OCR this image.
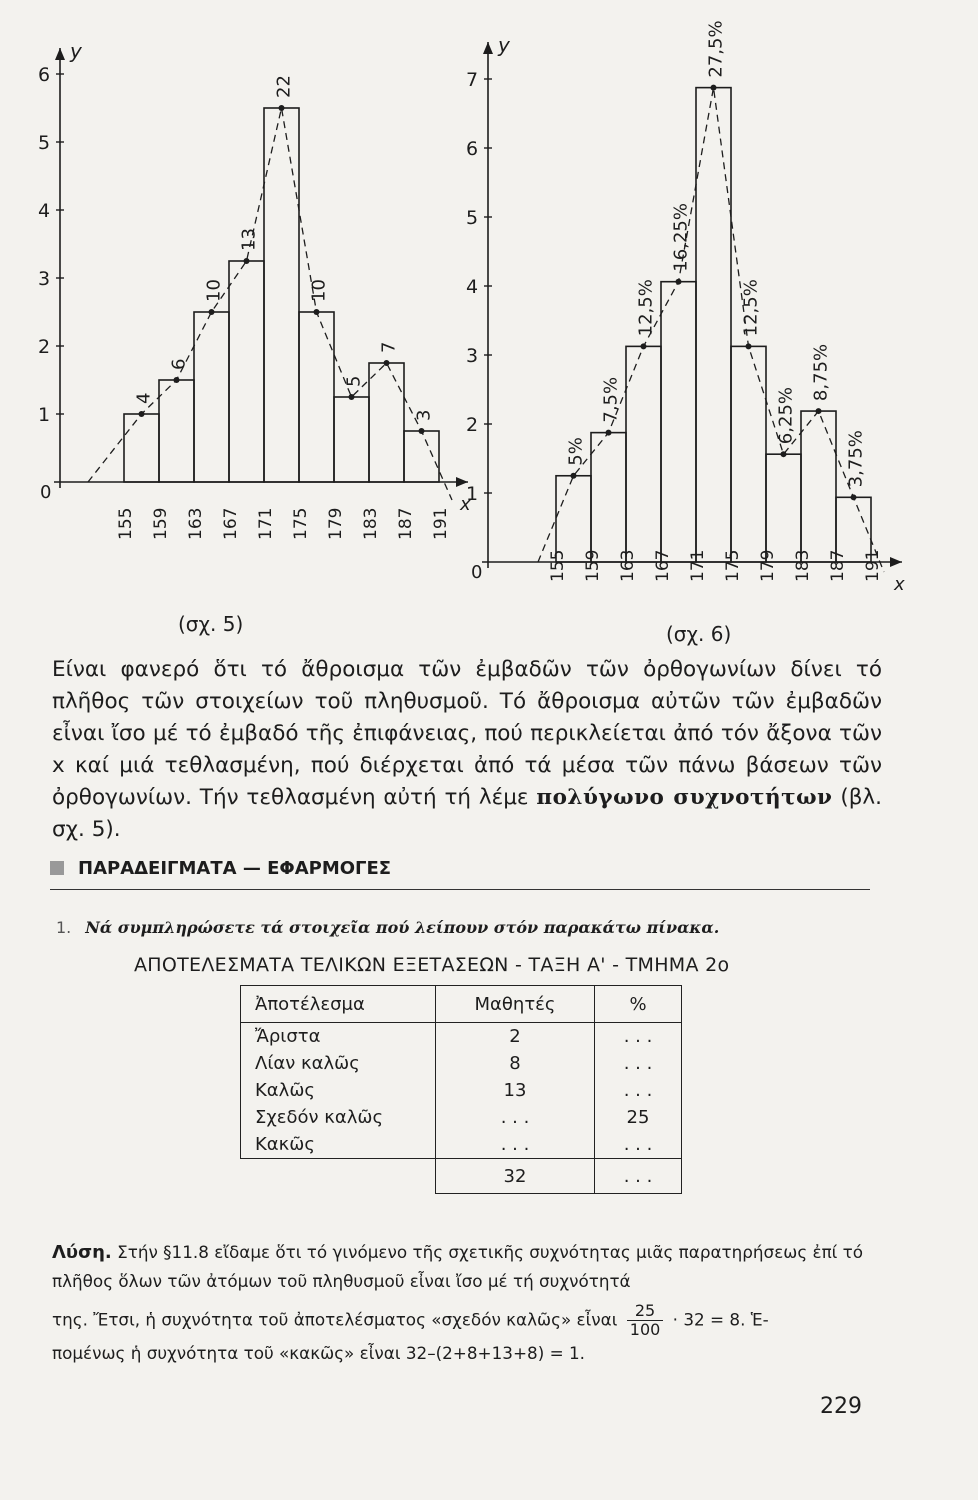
y
x
0
1
2
3
4
5
6
4
6
10
13
22
10
5
7
3
155 159 163 167 171 175 179 183 187 191
y
x
0
1
2
3
4
5
6
7
5%
7,5%
12,5%
16,25%
27,5%
12,5%
6,25%
8,75%
3,75%
155 159 163 167 171 175 179 183 187 191
(σχ. 5)	(σχ. 6)
Είναι φανερό ὅτι τό ἄθροισμα τῶν ἐμβαδῶν τῶν ὀρθογωνίων δίνει τό πλῆθος τῶν στοιχείων τοῦ πληθυσμοῦ. Τό ἄθροισμα αὐτῶν τῶν ἐμβαδῶν εἶναι ἴσο μέ τό ἐμβαδό τῆς ἐπιφάνειας, πού περικλείεται ἀπό τόν ἄξονα τῶν x καί μιά τεθλασμένη, πού διέρχεται ἀπό τά μέσα τῶν πάνω βάσεων τῶν ὀρθογωνίων. Τήν τεθλασμένη αὐτή τή λέμε πολύγωνο συχνοτήτων (βλ. σχ. 5).
ΠΑΡΑΔΕΙΓΜΑΤΑ — ΕΦΑΡΜΟΓΕΣ
1. Νά συμπληρώσετε τά στοιχεῖα πού λείπουν στόν παρακάτω πίνακα.
ΑΠΟΤΕΛΕΣΜΑΤΑ ΤΕΛΙΚΩΝ ΕΞΕΤΑΣΕΩΝ - ΤΑΞΗ Α' - ΤΜΗΜΑ 2ο
Ἀποτέλεσμα	Μαθητές	%
Ἄριστα	2	. . .
Λίαν καλῶς	8	. . .
Καλῶς	13	. . .
Σχεδόν καλῶς	. . .	25
Κακῶς	. . .	. . .
	32	. . .
Λύση. Στήν §11.8 εἴδαμε ὅτι τό γινόμενο τῆς σχετικῆς συχνότητας μιᾶς παρατηρήσεως ἐπί τό πλῆθος ὅλων τῶν ἀτόμων τοῦ πληθυσμοῦ εἶναι ἴσο μέ τή συχνότητά
της. Ἔτσι, ἡ συχνότητα τοῦ ἀποτελέσματος «σχεδόν καλῶς» εἶναι $\frac{25}{100} \cdot 32 = 8$. Ἑ-
πομένως ἡ συχνότητα τοῦ «κακῶς» εἶναι 32–(2+8+13+8) = 1.
229
